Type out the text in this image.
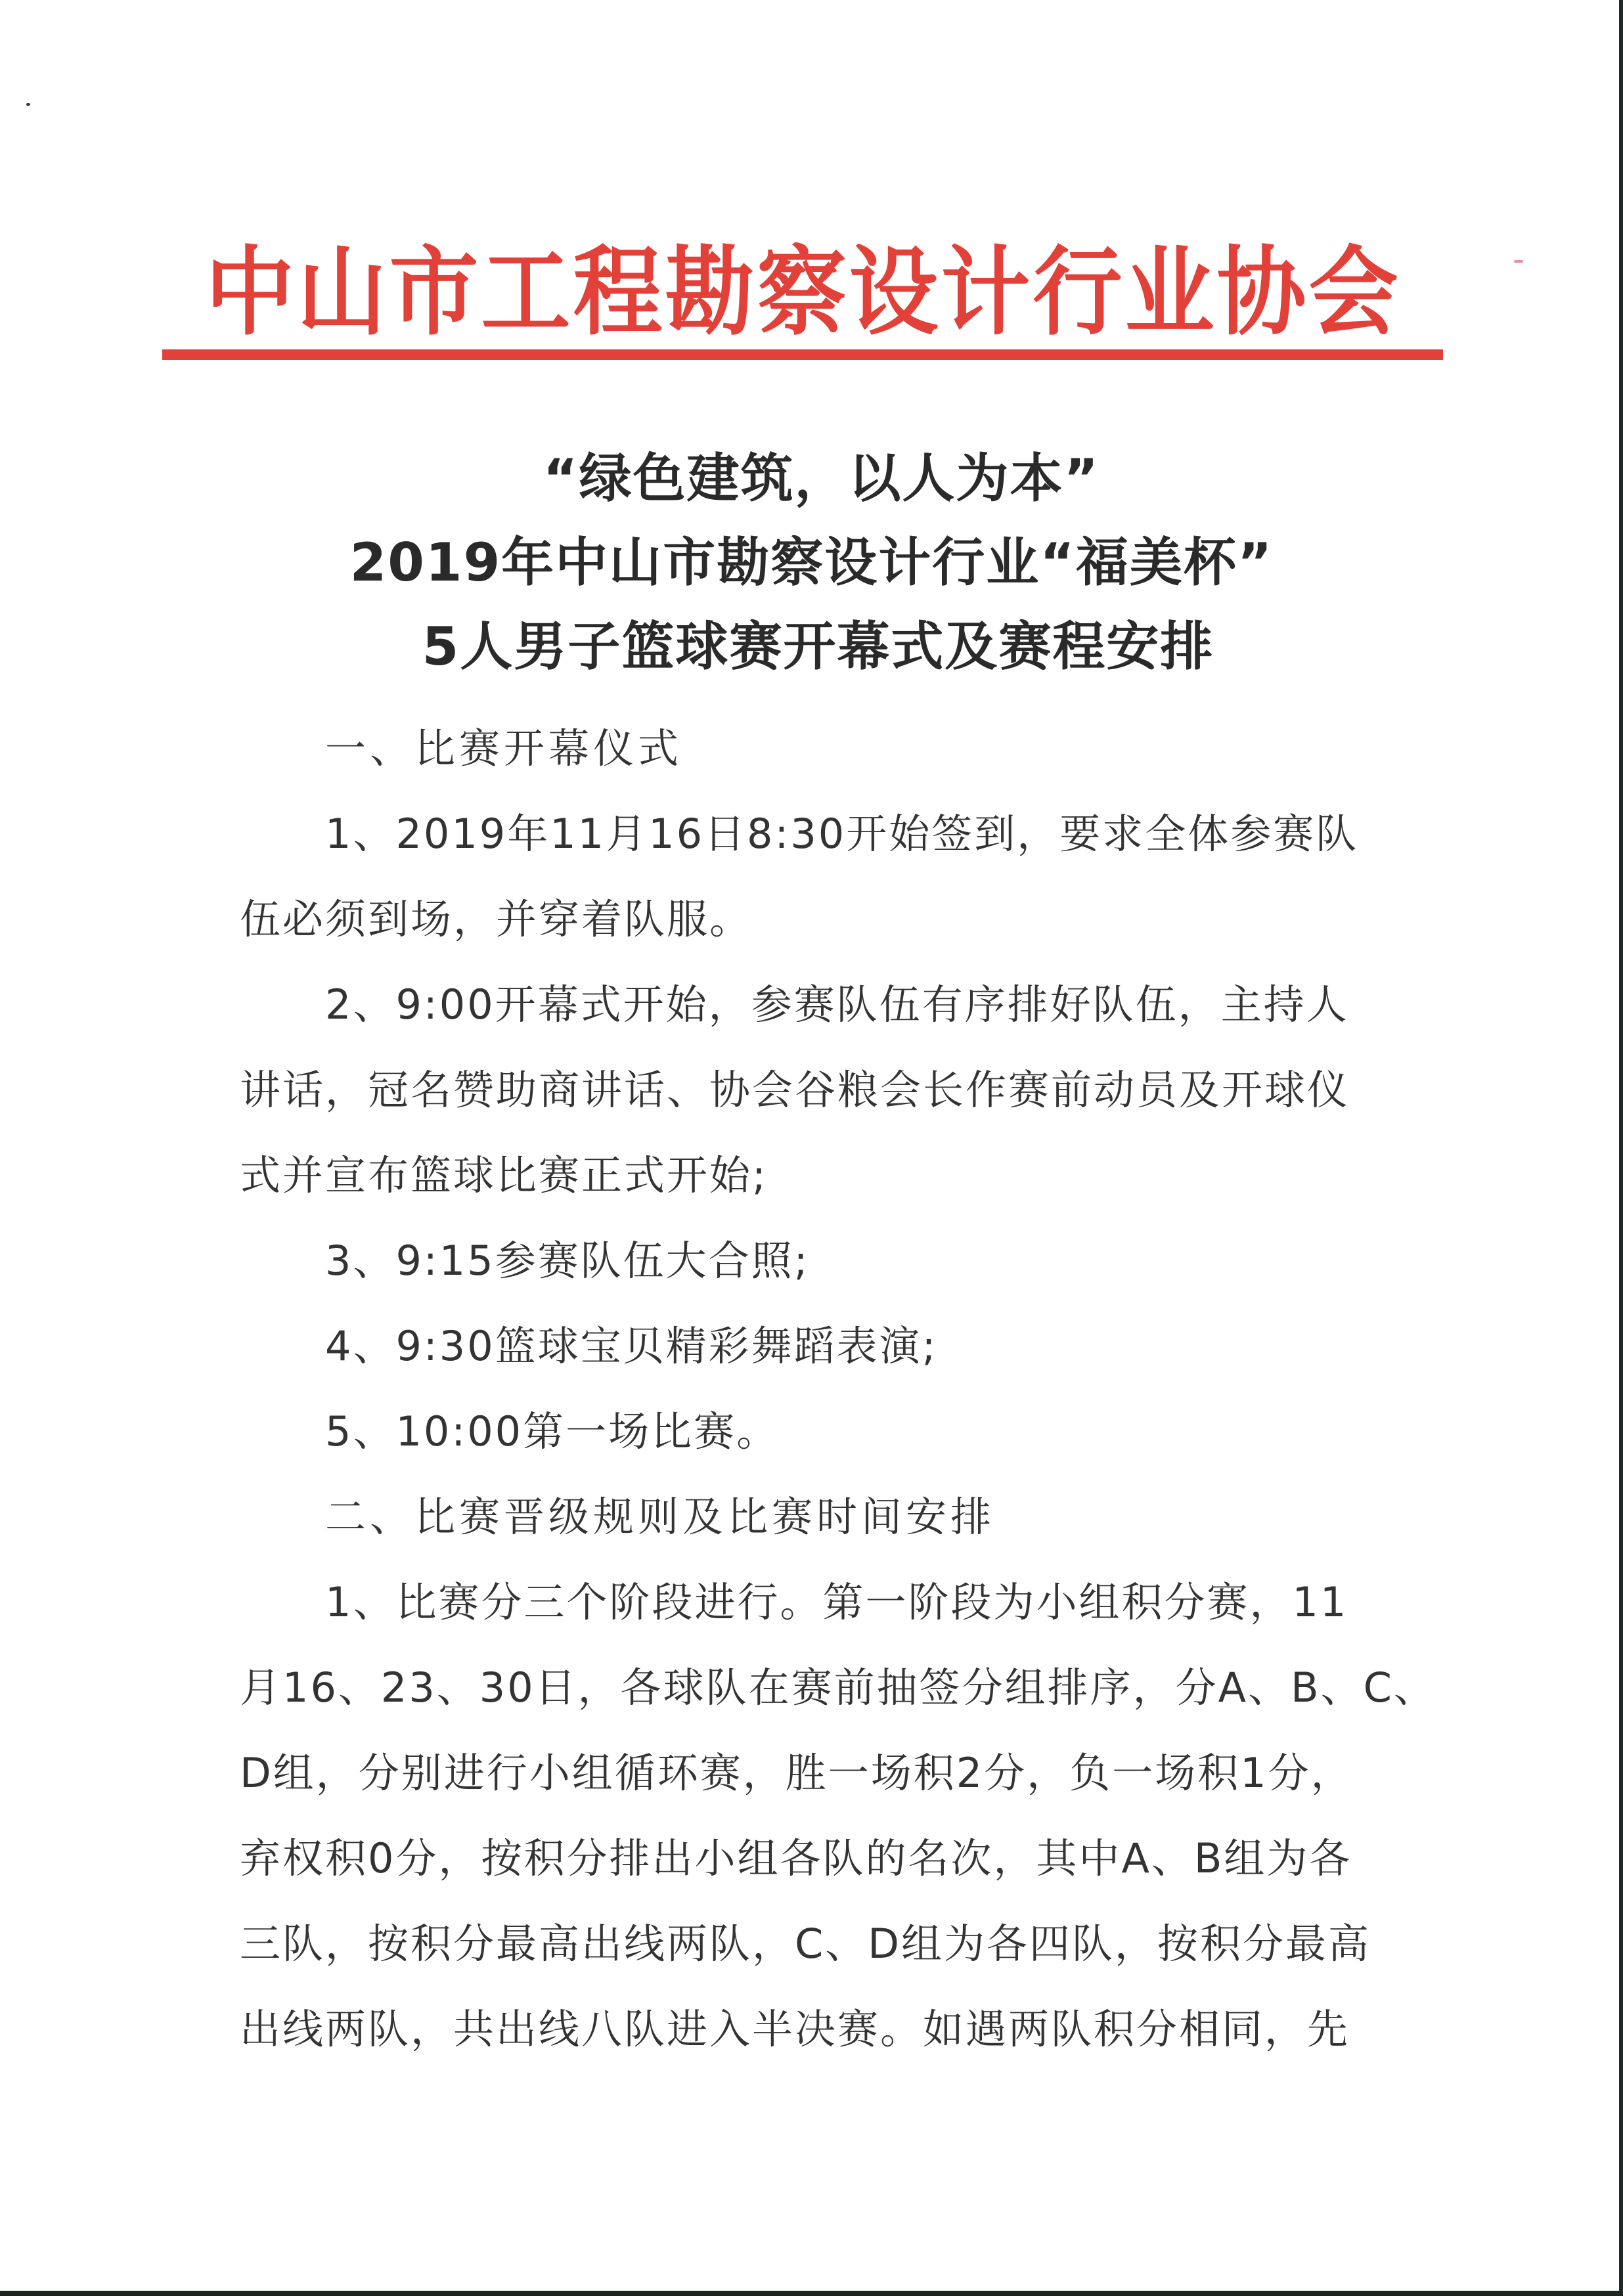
中山市工程勘察设计行业协会
“绿色建筑，以人为本”
2019年中山市勘察设计行业“福美杯”
5人男子篮球赛开幕式及赛程安排

一、比赛开幕仪式

1、2019年11月16日8:30开始签到，要求全体参赛队
伍必须到场，并穿着队服。

2、9:00开幕式开始，参赛队伍有序排好队伍，主持人
讲话，冠名赞助商讲话、协会谷粮会长作赛前动员及开球仪
式并宣布篮球比赛正式开始;

3、9:15参赛队伍大合照;

4、9:30篮球宝贝精彩舞蹈表演;

5、10:00第一场比赛。

二、比赛晋级规则及比赛时间安排

1、比赛分三个阶段进行。第一阶段为小组积分赛，11
月16、23、30日，各球队在赛前抽签分组排序，分A、B、C、
D组，分别进行小组循环赛，胜一场积2分，负一场积1分，
弃权积0分，按积分排出小组各队的名次，其中A、B组为各
三队，按积分最高出线两队，C、D组为各四队，按积分最高
出线两队，共出线八队进入半决赛。如遇两队积分相同，先
